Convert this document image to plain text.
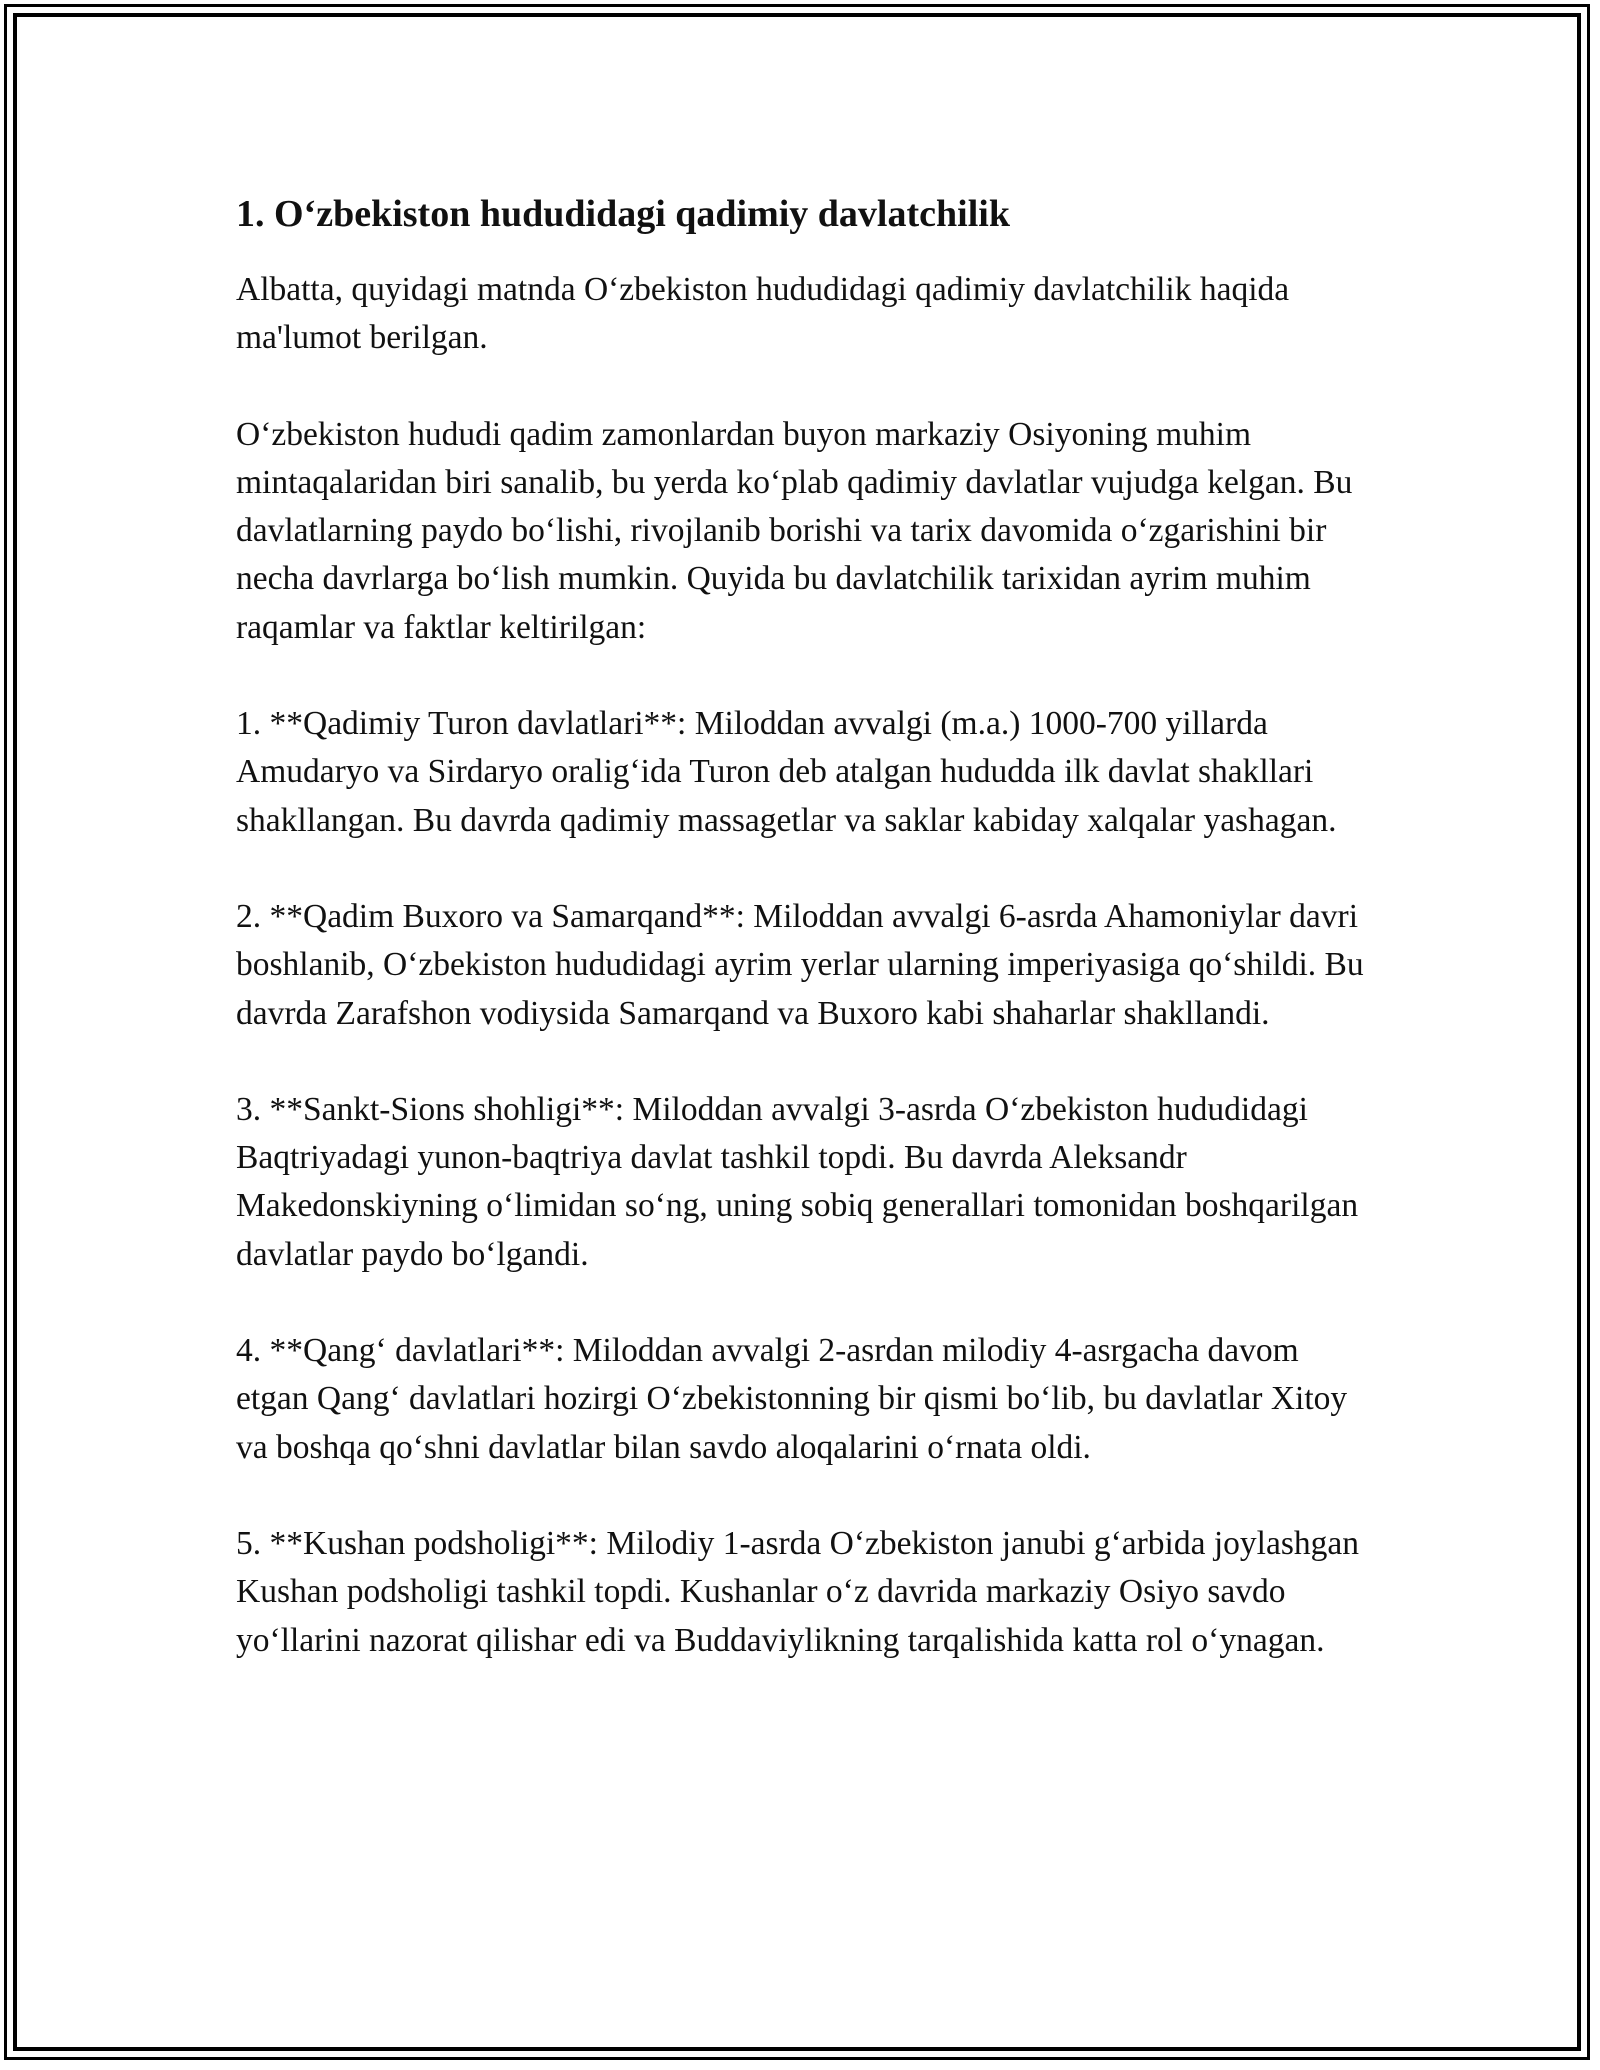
1. O‘zbekiston hududidagi qadimiy davlatchilik

Albatta, quyidagi matnda O‘zbekiston hududidagi qadimiy davlatchilik haqida ma'lumot berilgan.

O‘zbekiston hududi qadim zamonlardan buyon markaziy Osiyoning muhim mintaqalaridan biri sanalib, bu yerda ko‘plab qadimiy davlatlar vujudga kelgan. Bu davlatlarning paydo bo‘lishi, rivojlanib borishi va tarix davomida o‘zgarishini bir necha davrlarga bo‘lish mumkin. Quyida bu davlatchilik tarixidan ayrim muhim raqamlar va faktlar keltirilgan:

1. **Qadimiy Turon davlatlari**: Miloddan avvalgi (m.a.) 1000-700 yillarda Amudaryo va Sirdaryo oralig‘ida Turon deb atalgan hududda ilk davlat shakllari shakllangan. Bu davrda qadimiy massagetlar va saklar kabiday xalqalar yashagan.

2. **Qadim Buxoro va Samarqand**: Miloddan avvalgi 6-asrda Ahamoniylar davri boshlanib, O‘zbekiston hududidagi ayrim yerlar ularning imperiyasiga qo‘shildi. Bu davrda Zarafshon vodiysida Samarqand va Buxoro kabi shaharlar shakllandi.

3. **Sankt-Sions shohligi**: Miloddan avvalgi 3-asrda O‘zbekiston hududidagi Baqtriyadagi yunon-baqtriya davlat tashkil topdi. Bu davrda Aleksandr Makedonskiyning o‘limidan so‘ng, uning sobiq generallari tomonidan boshqarilgan davlatlar paydo bo‘lgandi.

4. **Qang‘ davlatlari**: Miloddan avvalgi 2-asrdan milodiy 4-asrgacha davom etgan Qang‘ davlatlari hozirgi O‘zbekistonning bir qismi bo‘lib, bu davlatlar Xitoy va boshqa qo‘shni davlatlar bilan savdo aloqalarini o‘rnata oldi.

5. **Kushan podsholigi**: Milodiy 1-asrda O‘zbekiston janubi g‘arbida joylashgan Kushan podsholigi tashkil topdi. Kushanlar o‘z davrida markaziy Osiyo savdo yo‘llarini nazorat qilishar edi va Buddaviylikning tarqalishida katta rol o‘ynagan.
